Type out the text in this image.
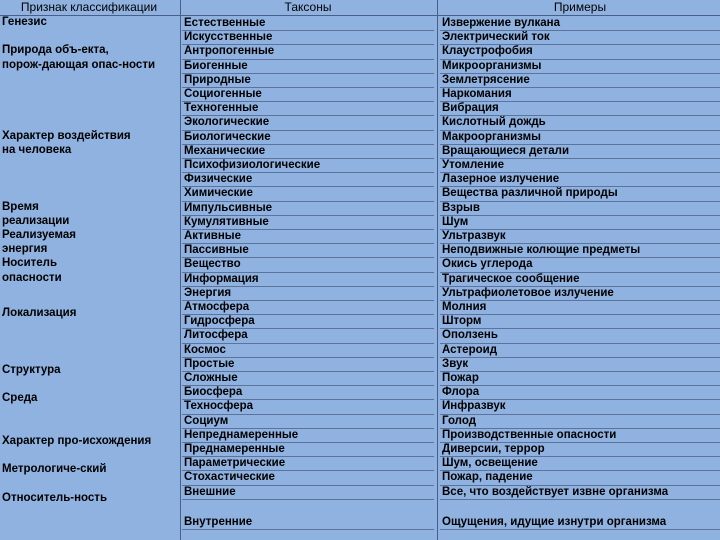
Признак классификации
Генезис
Природа объ-екта,
порож-дающая опас-ности
Характер воздействия
на человека
Время
реализации
Реализуемая
энергия
Носитель
опасности
Локализация
Структура
Среда
Характер про-исхождения
Метрологиче-ский
Относитель-ность
Таксоны
Естественные
Искусственные
Антропогенные
Биогенные
Природные
Социогенные
Техногенные
Экологические
Биологические
Механические
Психофизиологические
Физические
Химические
Импульсивные
Кумулятивные
Активные
Пассивные
Вещество
Информация
Энергия
Атмосфера
Гидросфера
Литосфера
Космос
Простые
Сложные
Биосфера
Техносфера
Социум
Непреднамеренные
Преднамеренные
Параметрические
Стохастические
Внешние
Внутренние
Примеры
Извержение вулкана
Электрический ток
Клаустрофобия
Микроорганизмы
Землетрясение
Наркомания
Вибрация
Кислотный дождь
Макроорганизмы
Вращающиеся детали
Утомление
Лазерное излучение
Вещества различной природы
Взрыв
Шум
Ультразвук
Неподвижные колющие предметы
Окись углерода
Трагическое сообщение
Ультрафиолетовое излучение
Молния
Шторм
Оползень
Астероид
Звук
Пожар
Флора
Инфразвук
Голод
Производственные опасности
Диверсии, террор
Шум, освещение
Пожар, падение
Все, что воздействует извне организма
Ощущения, идущие изнутри организма
